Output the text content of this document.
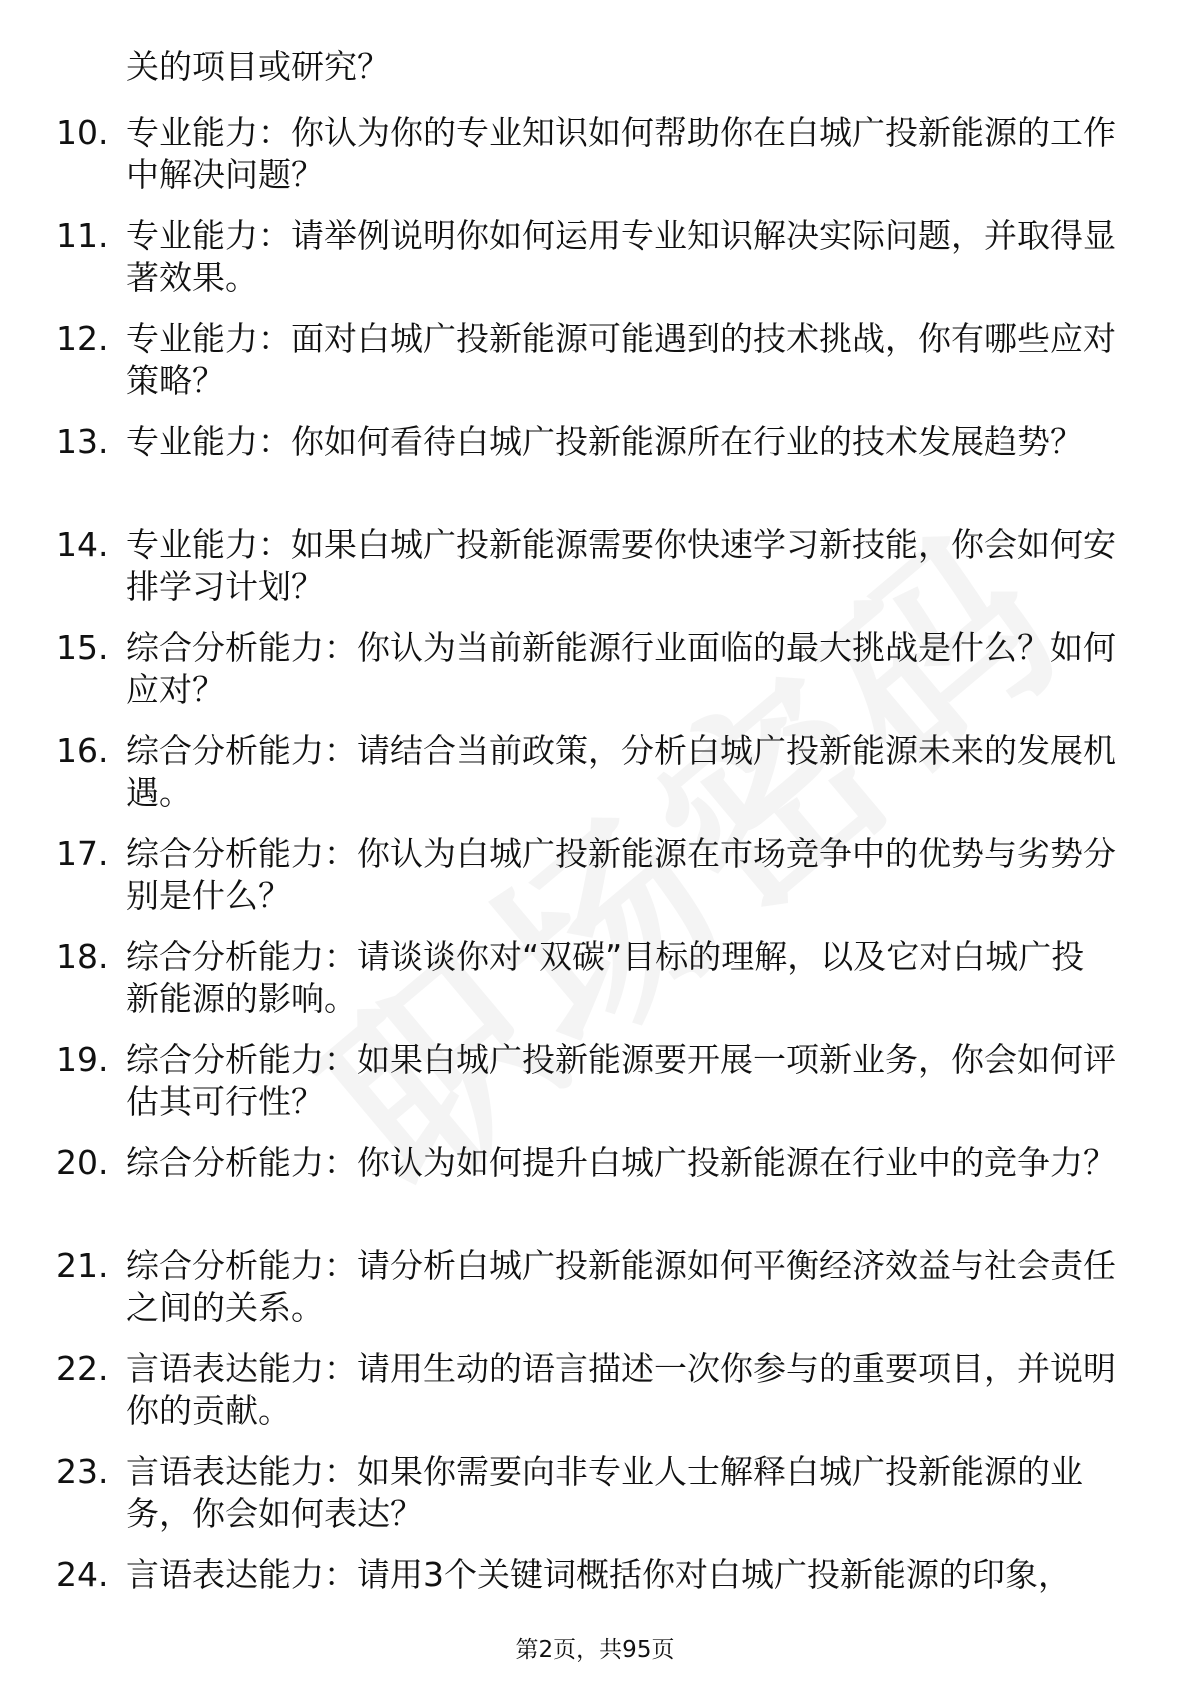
关的项目或研究？
10. 专业能力：你认为你的专业知识如何帮助你在白城广投新能源的工作中解决问题？
11. 专业能力：请举例说明你如何运用专业知识解决实际问题，并取得显著效果。
12. 专业能力：面对白城广投新能源可能遇到的技术挑战，你有哪些应对策略？
13. 专业能力：你如何看待白城广投新能源所在行业的技术发展趋势？
14. 专业能力：如果白城广投新能源需要你快速学习新技能，你会如何安排学习计划？
15. 综合分析能力：你认为当前新能源行业面临的最大挑战是什么？如何应对？
16. 综合分析能力：请结合当前政策，分析白城广投新能源未来的发展机遇。
17. 综合分析能力：你认为白城广投新能源在市场竞争中的优势与劣势分别是什么？
18. 综合分析能力：请谈谈你对“双碳”目标的理解，以及它对白城广投新能源的影响。
19. 综合分析能力：如果白城广投新能源要开展一项新业务，你会如何评估其可行性？
20. 综合分析能力：你认为如何提升白城广投新能源在行业中的竞争力？
21. 综合分析能力：请分析白城广投新能源如何平衡经济效益与社会责任之间的关系。
22. 言语表达能力：请用生动的语言描述一次你参与的重要项目，并说明你的贡献。
23. 言语表达能力：如果你需要向非专业人士解释白城广投新能源的业务，你会如何表达？
24. 言语表达能力：请用3个关键词概括你对白城广投新能源的印象，
第2页，共95页
